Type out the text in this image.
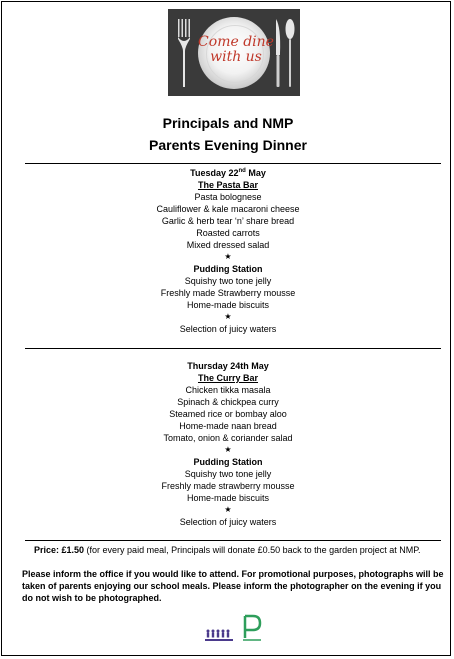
Come dine with us
Principals and NMP
Parents Evening Dinner
Tuesday 22nd May
The Pasta Bar
Pasta bolognese
Cauliflower & kale macaroni cheese
Garlic & herb tear ‘n’ share bread
Roasted carrots
Mixed dressed salad
★
Pudding Station
Squishy two tone jelly
Freshly made Strawberry mousse
Home-made biscuits
★
Selection of juicy waters
Thursday 24th May
The Curry Bar
Chicken tikka masala
Spinach & chickpea curry
Steamed rice or bombay aloo
Home-made naan bread
Tomato, onion & coriander salad
★
Pudding Station
Squishy two tone jelly
Freshly made strawberry mousse
Home-made biscuits
★
Selection of juicy waters
Price: £1.50 (for every paid meal, Principals will donate £0.50 back to the garden project at NMP.
Please inform the office if you would like to attend. For promotional purposes, photographs will be taken of parents enjoying our school meals. Please inform the photographer on the evening if you do not wish to be photographed.
